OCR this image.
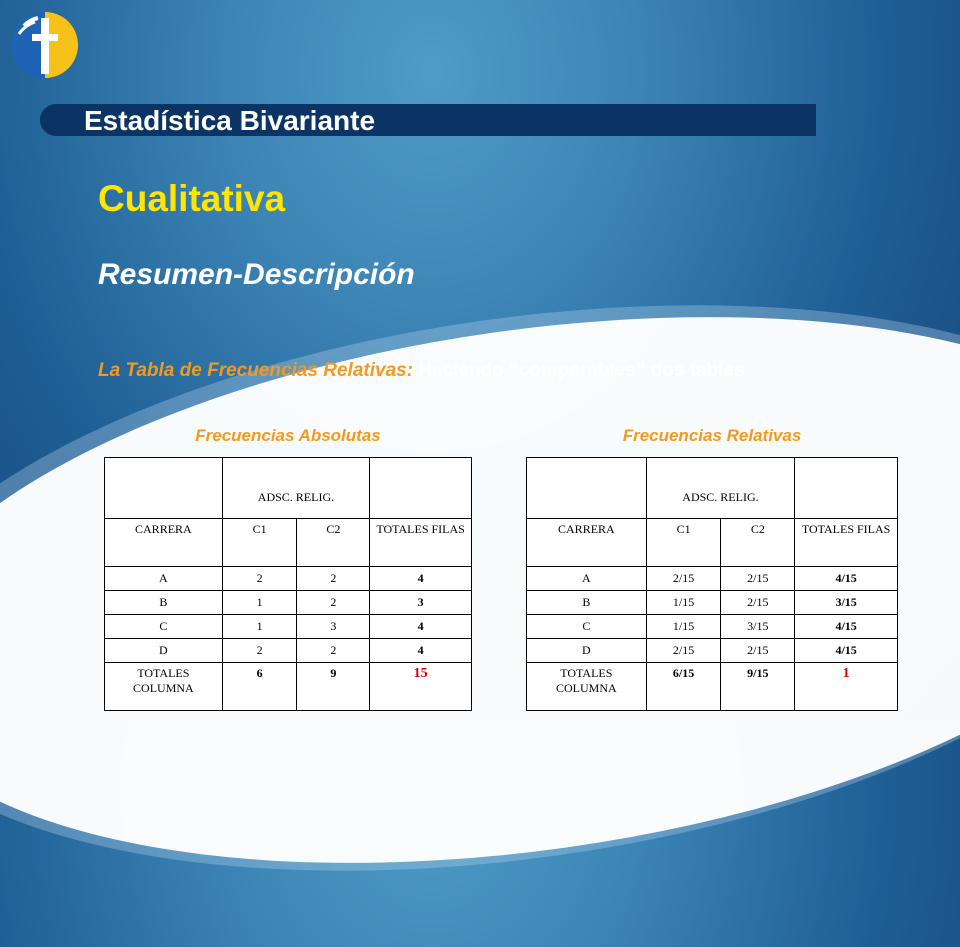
Estadística Bivariante
Cualitativa
Resumen-Descripción
La Tabla de Frecuencias Relativas: Haciendo “comparables” dos tablas
Frecuencias Absolutas	Frecuencias Relativas
	ADSC. RELIG.		
CARRERA	C1	C2	TOTALES FILAS
A	2	2	4
B	1	2	3
C	1	3	4
D	2	2	4
TOTALES COLUMNA	6	9	15
	ADSC. RELIG.		
CARRERA	C1	C2	TOTALES FILAS
A	2/15	2/15	4/15
B	1/15	2/15	3/15
C	1/15	3/15	4/15
D	2/15	2/15	4/15
TOTALES COLUMNA	6/15	9/15	1
